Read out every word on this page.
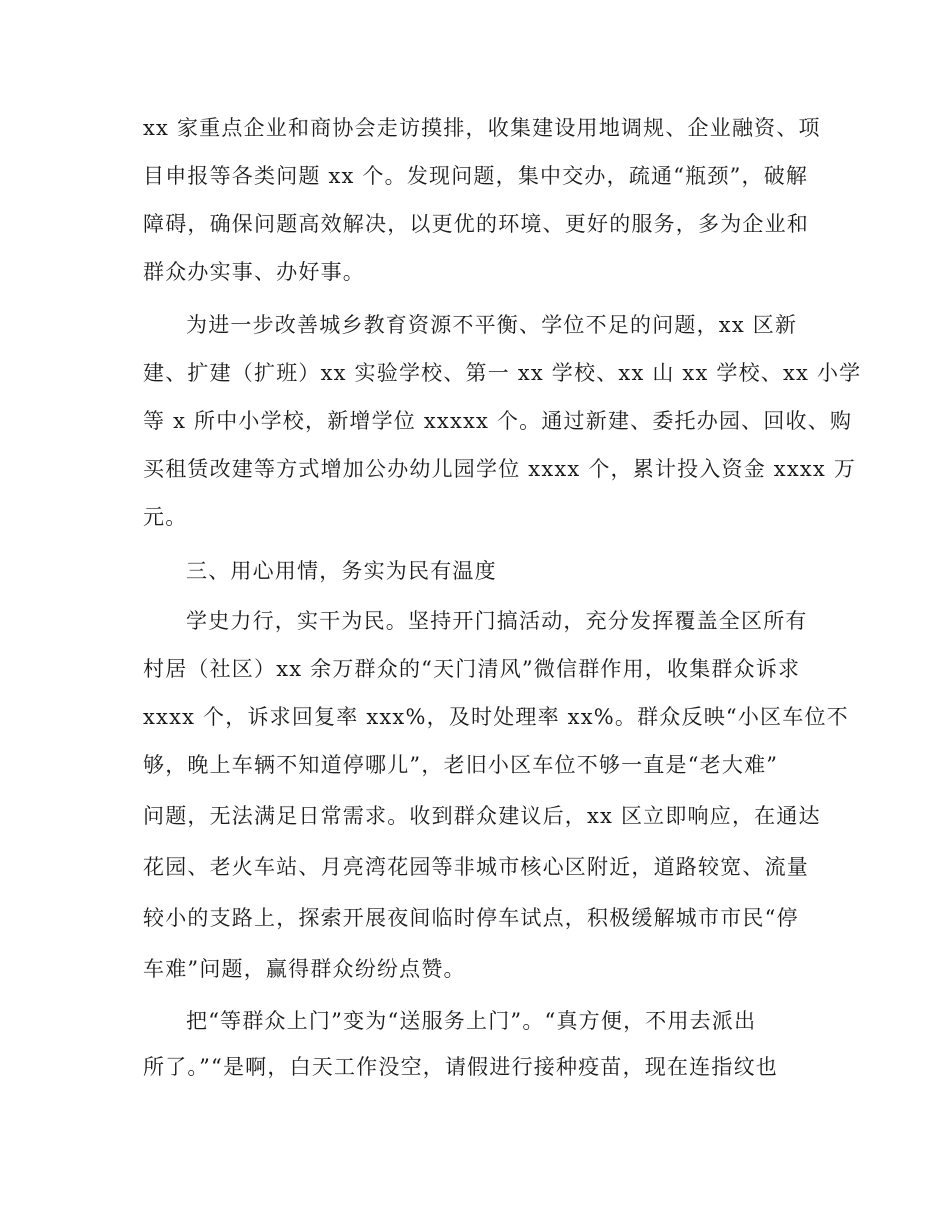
xx 家重点企业和商协会走访摸排，收集建设用地调规、企业融资、项
目申报等各类问题 xx 个。发现问题，集中交办，疏通“瓶颈”，破解
障碍，确保问题高效解决，以更优的环境、更好的服务，多为企业和
群众办实事、办好事。
为进一步改善城乡教育资源不平衡、学位不足的问题，xx 区新
建、扩建（扩班）xx 实验学校、第一 xx 学校、xx 山 xx 学校、xx 小学
等 x 所中小学校，新增学位 xxxxx 个。通过新建、委托办园、回收、购
买租赁改建等方式增加公办幼儿园学位 xxxx 个，累计投入资金 xxxx 万
元。
三、用心用情，务实为民有温度
学史力行，实干为民。坚持开门搞活动，充分发挥覆盖全区所有
村居（社区）xx 余万群众的“天门清风”微信群作用，收集群众诉求
xxxx 个，诉求回复率 xxx%，及时处理率 xx%。群众反映“小区车位不
够，晚上车辆不知道停哪儿”，老旧小区车位不够一直是“老大难”
问题，无法满足日常需求。收到群众建议后，xx 区立即响应，在通达
花园、老火车站、月亮湾花园等非城市核心区附近，道路较宽、流量
较小的支路上，探索开展夜间临时停车试点，积极缓解城市市民“停
车难”问题，赢得群众纷纷点赞。
把“等群众上门”变为“送服务上门”。“真方便，不用去派出
所了。”“是啊，白天工作没空，请假进行接种疫苗，现在连指纹也
